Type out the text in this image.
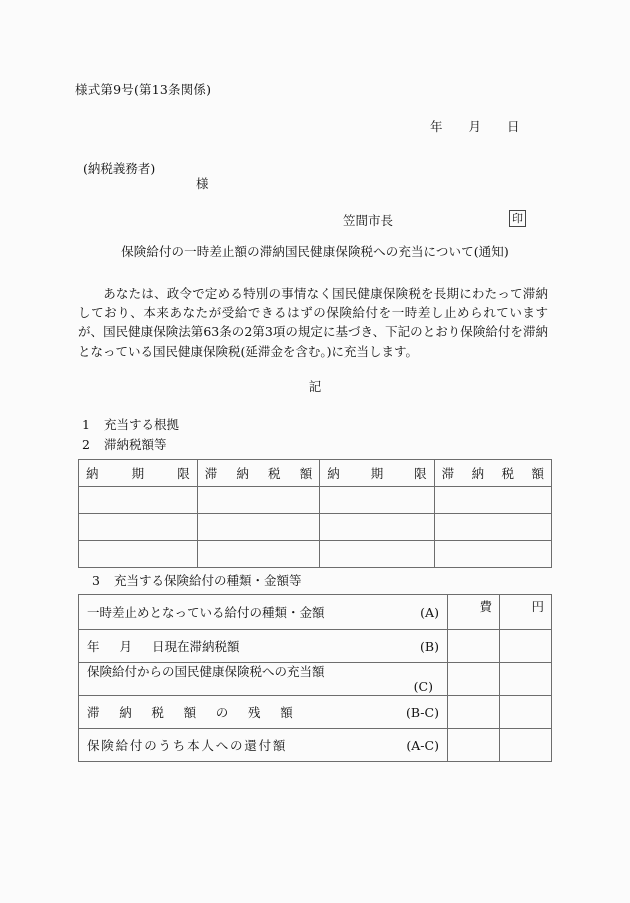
様式第9号(第13条関係)
年 月 日
(納税義務者)
様
笠間市長	印
保険給付の一時差止額の滞納国民健康保険税への充当について(通知)
あなたは、政令で定める特別の事情なく国民健康保険税を長期にわたって滞納しており、本来あなたが受給できるはずの保険給付を一時差し止められていますが、国民健康保険法第63条の2第3項の規定に基づき、下記のとおり保険給付を滞納となっている国民健康保険税(延滞金を含む。)に充当します。
記
1 充当する根拠
2 滞納税額等
納 期 限	滞 納 税 額	納 期 限	滞 納 税 額

3 充当する保険給付の種類・金額等
一時差止めとなっている給付の種類・金額 (A)	費	円

年 月 日現在滞納税額 (B)		

保険給付からの国民健康保険税への充当額
(C)		

滞　納　税　額　の　残　額 (B-C)		

保険給付のうち本人への還付額 (A-C)		
